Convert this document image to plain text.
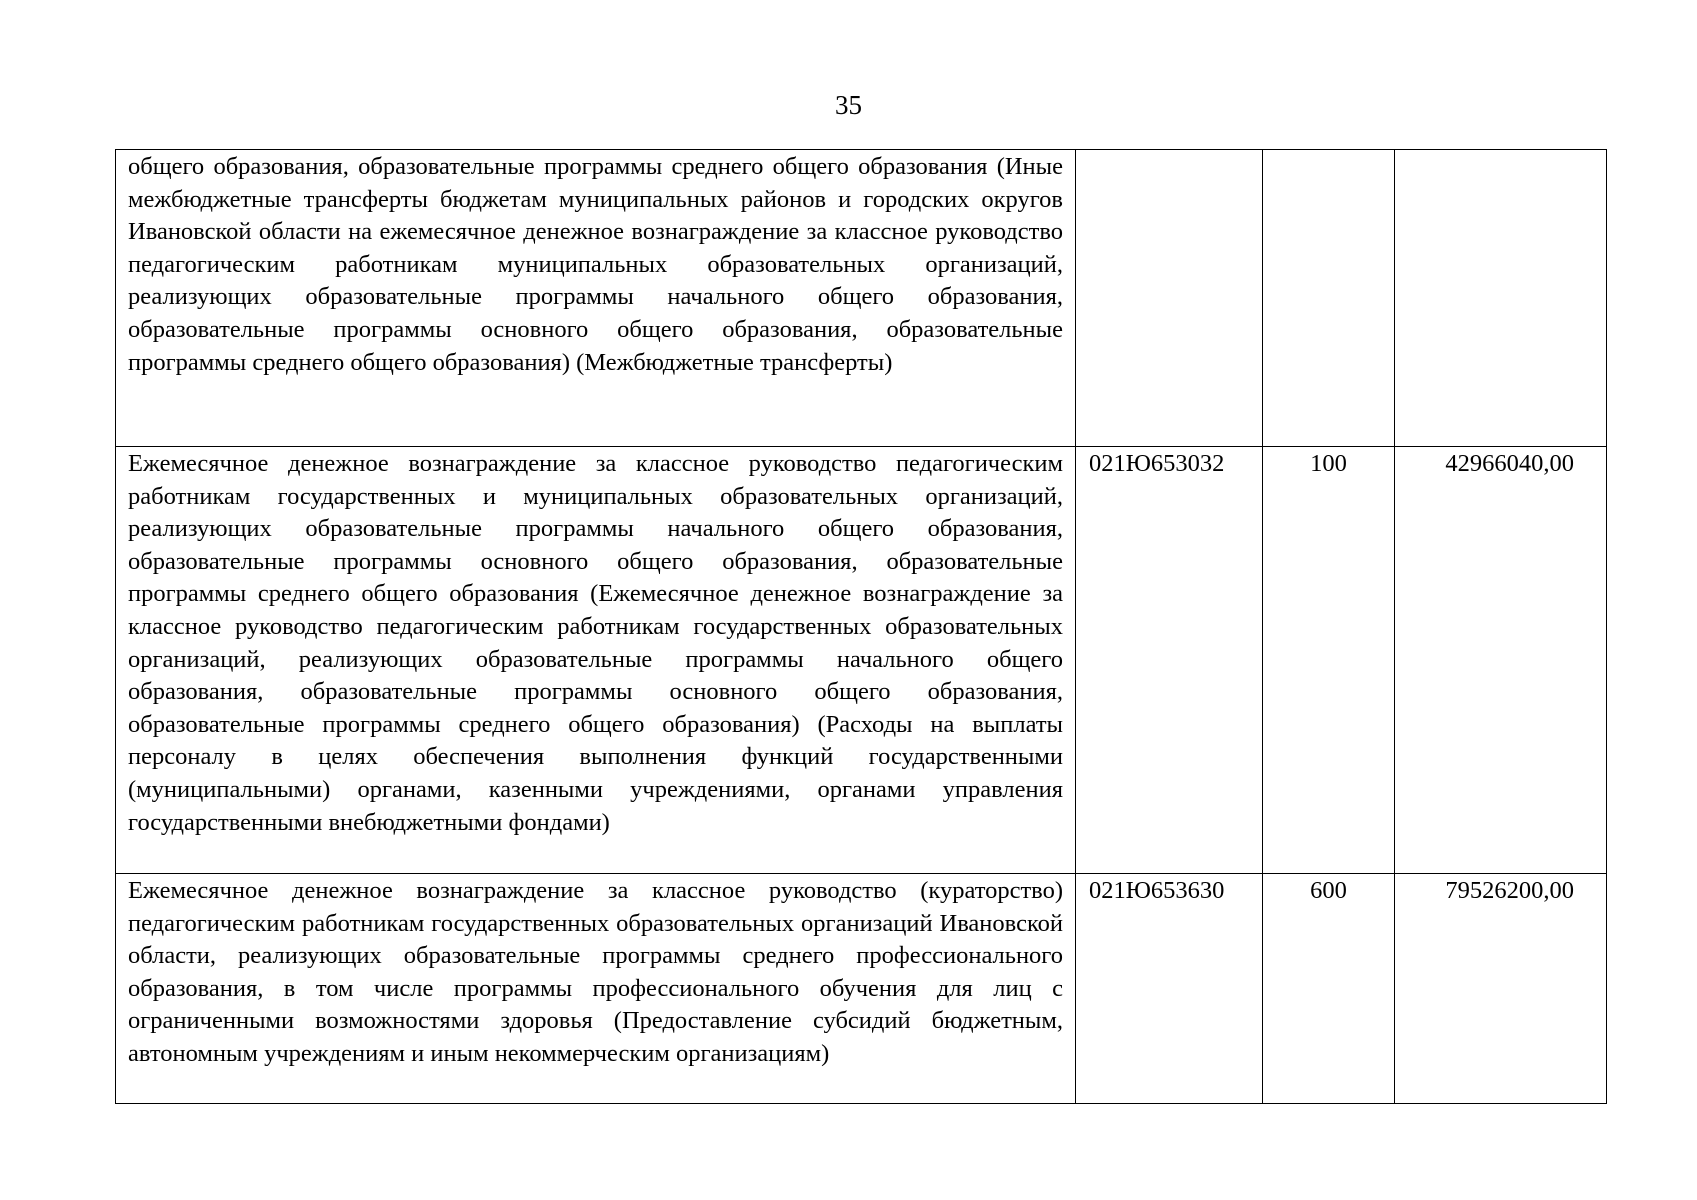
35
общего образования, образовательные программы среднего общего образования (Иные межбюджетные трансферты бюджетам муниципальных районов и городских округов Ивановской области на ежемесячное денежное вознаграждение за классное руководство педагогическим работникам муниципальных образовательных организаций, реализующих образовательные программы начального общего образования, образовательные программы основного общего образования, образовательные программы среднего общего образования) (Межбюджетные трансферты)			
Ежемесячное денежное вознаграждение за классное руководство педагогическим работникам государственных и муниципальных образовательных организаций, реализующих образовательные программы начального общего образования, образовательные программы основного общего образования, образовательные программы среднего общего образования (Ежемесячное денежное вознаграждение за классное руководство педагогическим работникам государственных образовательных организаций, реализующих образовательные программы начального общего образования, образовательные программы основного общего образования, образовательные программы среднего общего образования) (Расходы на выплаты персоналу в целях обеспечения выполнения функций государственными (муниципальными) органами, казенными учреждениями, органами управления государственными внебюджетными фондами)	021Ю653032	100	42966040,00
Ежемесячное денежное вознаграждение за классное руководство (кураторство) педагогическим работникам государственных образовательных организаций Ивановской области, реализующих образовательные программы среднего профессионального образования, в том числе программы профессионального обучения для лиц с ограниченными возможностями здоровья (Предоставление субсидий бюджетным, автономным учреждениям и иным некоммерческим организациям)	021Ю653630	600	79526200,00
